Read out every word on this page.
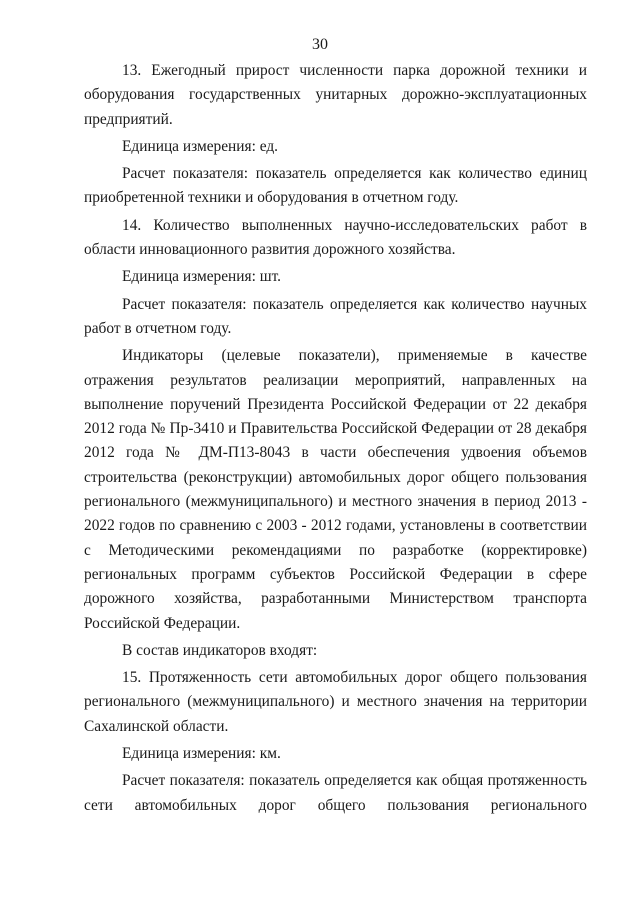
30

13. Ежегодный прирост численности парка дорожной техники и оборудования государственных унитарных дорожно-эксплуатационных предприятий.

Единица измерения: ед.

Расчет показателя: показатель определяется как количество единиц приобретенной техники и оборудования в отчетном году.

14. Количество выполненных научно-исследовательских работ в области инновационного развития дорожного хозяйства.

Единица измерения: шт.

Расчет показателя: показатель определяется как количество научных работ в отчетном году.

Индикаторы (целевые показатели), применяемые в качестве отражения результатов реализации мероприятий, направленных на выполнение поручений Президента Российской Федерации от 22 декабря 2012 года № Пр-3410 и Правительства Российской Федерации от 28 декабря 2012 года № ДМ-П13-8043 в части обеспечения удвоения объемов строительства (реконструкции) автомобильных дорог общего пользования регионального (межмуниципального) и местного значения в период 2013 - 2022 годов по сравнению с 2003 - 2012 годами, установлены в соответствии с Методическими рекомендациями по разработке (корректировке) региональных программ субъектов Российской Федерации в сфере дорожного хозяйства, разработанными Министерством транспорта Российской Федерации.

В состав индикаторов входят:

15. Протяженность сети автомобильных дорог общего пользования регионального (межмуниципального) и местного значения на территории Сахалинской области.

Единица измерения: км.

Расчет показателя: показатель определяется как общая протяженность сети автомобильных дорог общего пользования регионального
